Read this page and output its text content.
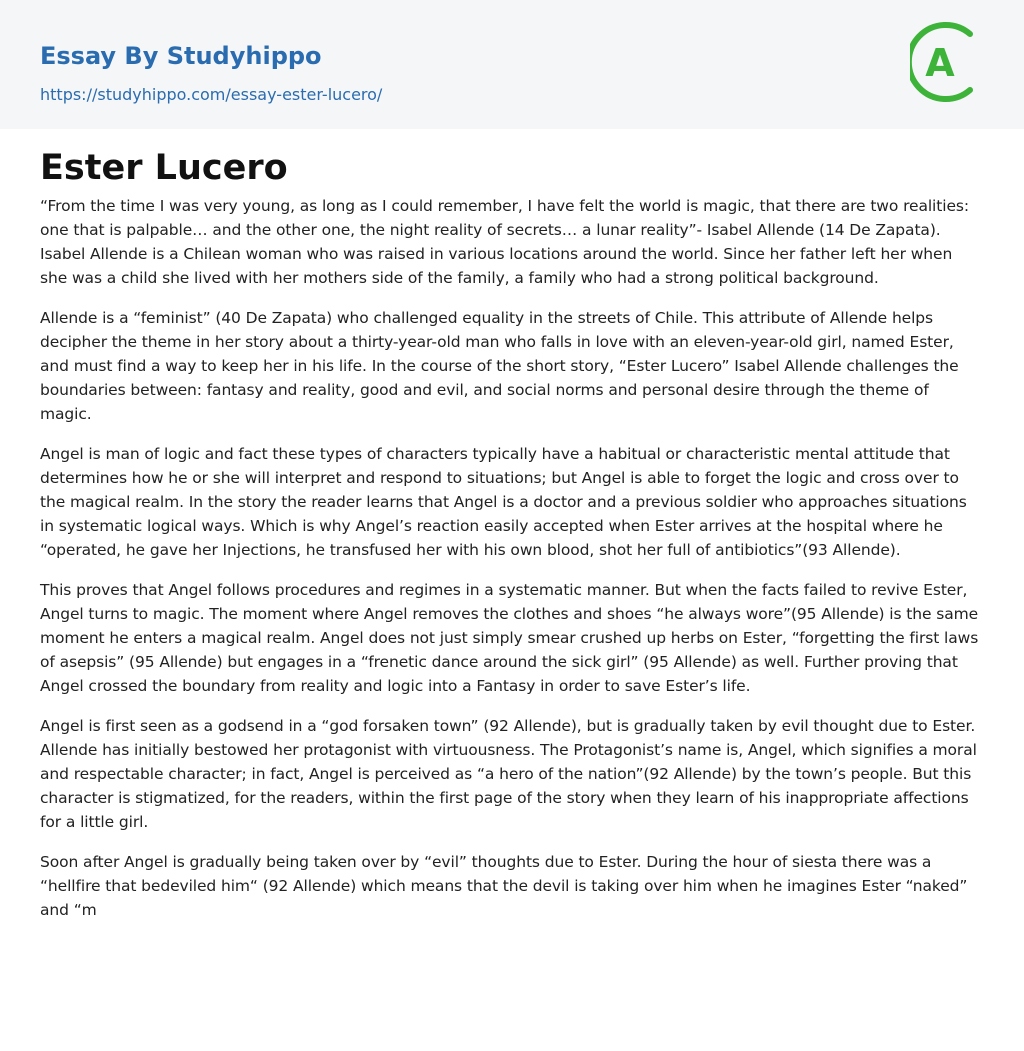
Essay By Studyhippo
https://studyhippo.com/essay-ester-lucero/
A
Ester Lucero

“From the time I was very young, as long as I could remember, I have felt the world is magic, that there are two realities: one that is palpable… and the other one, the night reality of secrets… a lunar reality”- Isabel Allende (14 De Zapata). Isabel Allende is a Chilean woman who was raised in various locations around the world. Since her father left her when she was a child she lived with her mothers side of the family, a family who had a strong political background.

Allende is a “feminist” (40 De Zapata) who challenged equality in the streets of Chile. This attribute of Allende helps decipher the theme in her story about a thirty-year-old man who falls in love with an eleven-year-old girl, named Ester, and must find a way to keep her in his life. In the course of the short story, “Ester Lucero” Isabel Allende challenges the boundaries between: fantasy and reality, good and evil, and social norms and personal desire through the theme of magic.

Angel is man of logic and fact these types of characters typically have a habitual or characteristic mental attitude that determines how he or she will interpret and respond to situations; but Angel is able to forget the logic and cross over to the magical realm. In the story the reader learns that Angel is a doctor and a previous soldier who approaches situations in systematic logical ways. Which is why Angel’s reaction easily accepted when Ester arrives at the hospital where he “operated, he gave her Injections, he transfused her with his own blood, shot her full of antibiotics”(93 Allende).

This proves that Angel follows procedures and regimes in a systematic manner. But when the facts failed to revive Ester, Angel turns to magic. The moment where Angel removes the clothes and shoes “he always wore”(95 Allende) is the same moment he enters a magical realm. Angel does not just simply smear crushed up herbs on Ester, “forgetting the first laws of asepsis” (95 Allende) but engages in a “frenetic dance around the sick girl” (95 Allende) as well. Further proving that Angel crossed the boundary from reality and logic into a Fantasy in order to save Ester’s life.

Angel is first seen as a godsend in a “god forsaken town” (92 Allende), but is gradually taken by evil thought due to Ester. Allende has initially bestowed her protagonist with virtuousness. The Protagonist’s name is, Angel, which signifies a moral and respectable character; in fact, Angel is perceived as “a hero of the nation”(92 Allende) by the town’s people. But this character is stigmatized, for the readers, within the first page of the story when they learn of his inappropriate affections for a little girl.

Soon after Angel is gradually being taken over by “evil” thoughts due to Ester. During the hour of siesta there was a “hellfire that bedeviled him“ (92 Allende) which means that the devil is taking over him when he imagines Ester “naked” and “m
